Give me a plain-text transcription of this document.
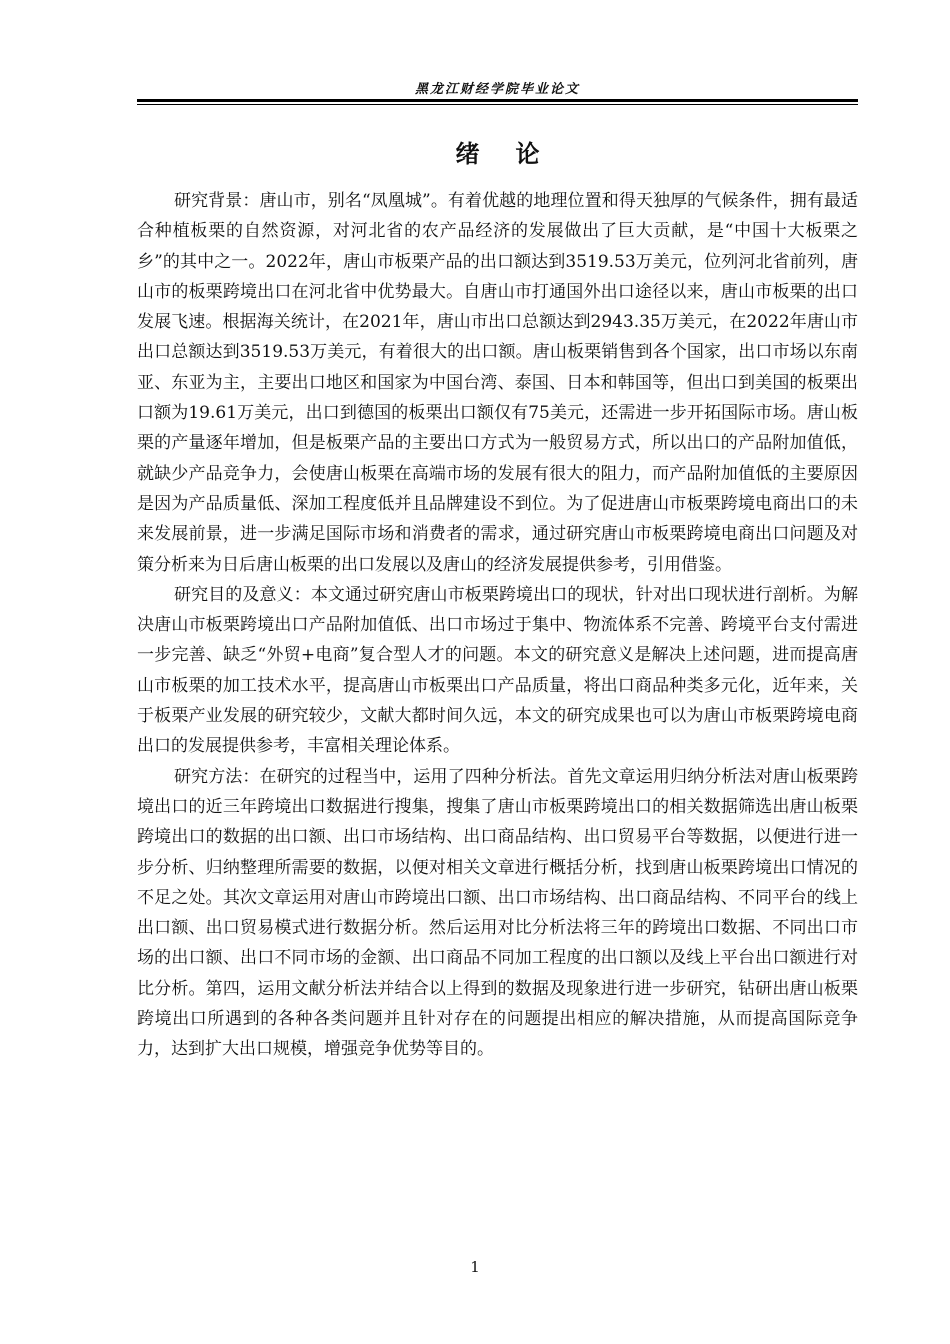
黑龙江财经学院毕业论文
绪论

研究背景：唐山市，别名“凤凰城”。有着优越的地理位置和得天独厚的气候条件，拥有最适合种植板栗的自然资源，对河北省的农产品经济的发展做出了巨大贡献，是“中国十大板栗之乡”的其中之一。2022年，唐山市板栗产品的出口额达到3519.53万美元，位列河北省前列，唐山市的板栗跨境出口在河北省中优势最大。自唐山市打通国外出口途径以来，唐山市板栗的出口发展飞速。根据海关统计，在2021年，唐山市出口总额达到2943.35万美元，在2022年唐山市出口总额达到3519.53万美元，有着很大的出口额。唐山板栗销售到各个国家，出口市场以东南亚、东亚为主，主要出口地区和国家为中国台湾、泰国、日本和韩国等，但出口到美国的板栗出口额为19.61万美元，出口到德国的板栗出口额仅有75美元，还需进一步开拓国际市场。唐山板栗的产量逐年增加，但是板栗产品的主要出口方式为一般贸易方式，所以出口的产品附加值低，就缺少产品竞争力，会使唐山板栗在高端市场的发展有很大的阻力，而产品附加值低的主要原因是因为产品质量低、深加工程度低并且品牌建设不到位。为了促进唐山市板栗跨境电商出口的未来发展前景，进一步满足国际市场和消费者的需求，通过研究唐山市板栗跨境电商出口问题及对策分析来为日后唐山板栗的出口发展以及唐山的经济发展提供参考，引用借鉴。

研究目的及意义：本文通过研究唐山市板栗跨境出口的现状，针对出口现状进行剖析。为解决唐山市板栗跨境出口产品附加值低、出口市场过于集中、物流体系不完善、跨境平台支付需进一步完善、缺乏“外贸+电商”复合型人才的问题。本文的研究意义是解决上述问题，进而提高唐山市板栗的加工技术水平，提高唐山市板栗出口产品质量，将出口商品种类多元化，近年来，关于板栗产业发展的研究较少，文献大都时间久远，本文的研究成果也可以为唐山市板栗跨境电商出口的发展提供参考，丰富相关理论体系。

研究方法：在研究的过程当中，运用了四种分析法。首先文章运用归纳分析法对唐山板栗跨境出口的近三年跨境出口数据进行搜集，搜集了唐山市板栗跨境出口的相关数据筛选出唐山板栗跨境出口的数据的出口额、出口市场结构、出口商品结构、出口贸易平台等数据，以便进行进一步分析、归纳整理所需要的数据，以便对相关文章进行概括分析，找到唐山板栗跨境出口情况的不足之处。其次文章运用对唐山市跨境出口额、出口市场结构、出口商品结构、不同平台的线上出口额、出口贸易模式进行数据分析。然后运用对比分析法将三年的跨境出口数据、不同出口市场的出口额、出口不同市场的金额、出口商品不同加工程度的出口额以及线上平台出口额进行对比分析。第四，运用文献分析法并结合以上得到的数据及现象进行进一步研究，钻研出唐山板栗跨境出口所遇到的各种各类问题并且针对存在的问题提出相应的解决措施，从而提高国际竞争力，达到扩大出口规模，增强竞争优势等目的。

1
